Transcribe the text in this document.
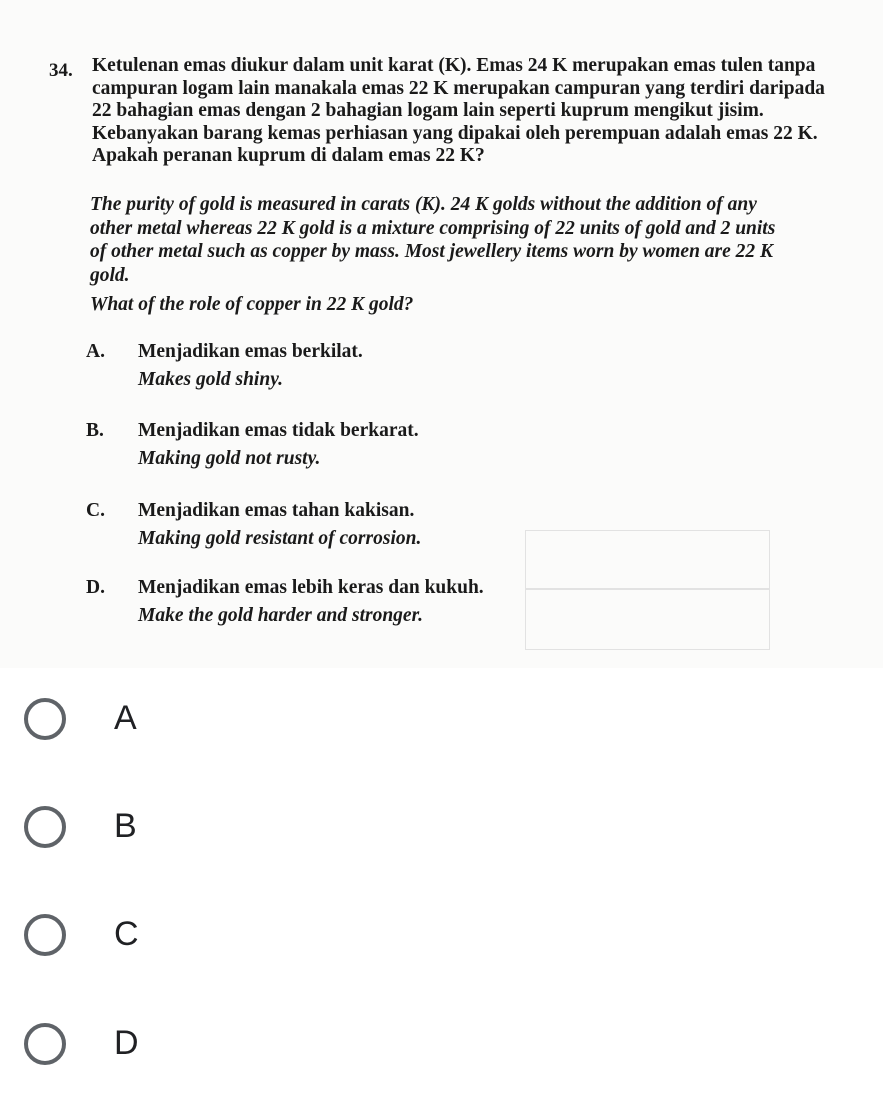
34. Ketulenan emas diukur dalam unit karat (K). Emas 24 K merupakan emas tulen tanpa
campuran logam lain manakala emas 22 K merupakan campuran yang terdiri daripada
22 bahagian emas dengan 2 bahagian logam lain seperti kuprum mengikut jisim.
Kebanyakan barang kemas perhiasan yang dipakai oleh perempuan adalah emas 22 K.
Apakah peranan kuprum di dalam emas 22 K?
The purity of gold is measured in carats (K). 24 K golds without the addition of any
other metal whereas 22 K gold is a mixture comprising of 22 units of gold and 2 units
of other metal such as copper by mass. Most jewellery items worn by women are 22 K
gold.
What of the role of copper in 22 K gold?
A. Menjadikan emas berkilat.
Makes gold shiny.
B. Menjadikan emas tidak berkarat.
Making gold not rusty.
C. Menjadikan emas tahan kakisan.
Making gold resistant of corrosion.
D. Menjadikan emas lebih keras dan kukuh.
Make the gold harder and stronger.
A
B
C
D
